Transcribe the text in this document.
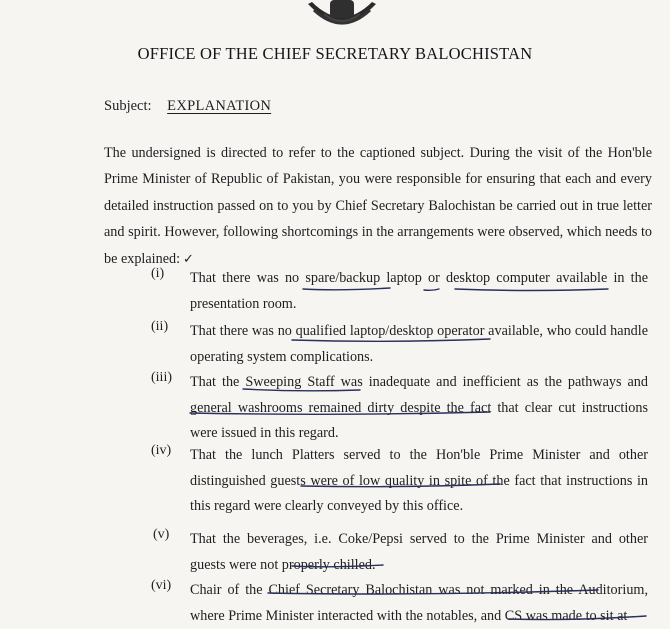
OFFICE OF THE CHIEF SECRETARY BALOCHISTAN
Subject: EXPLANATION
The undersigned is directed to refer to the captioned subject. During the visit of the Hon'ble Prime Minister of Republic of Pakistan, you were responsible for ensuring that each and every detailed instruction passed on to you by Chief Secretary Balochistan be carried out in true letter and spirit. However, following shortcomings in the arrangements were observed, which needs to be explained: ✓
(i) That there was no spare/backup laptop or desktop computer available in the presentation room.
(ii) That there was no qualified laptop/desktop operator available, who could handle operating system complications.
(iii) That the Sweeping Staff was inadequate and inefficient as the pathways and general washrooms remained dirty despite the fact that clear cut instructions were issued in this regard.
(iv) That the lunch Platters served to the Hon'ble Prime Minister and other distinguished guests were of low quality in spite of the fact that instructions in this regard were clearly conveyed by this office.
(v) That the beverages, i.e. Coke/Pepsi served to the Prime Minister and other guests were not properly chilled.
(vi) Chair of the Chief Secretary Balochistan was not marked in the Auditorium, where Prime Minister interacted with the notables, and CS was made to sit at
